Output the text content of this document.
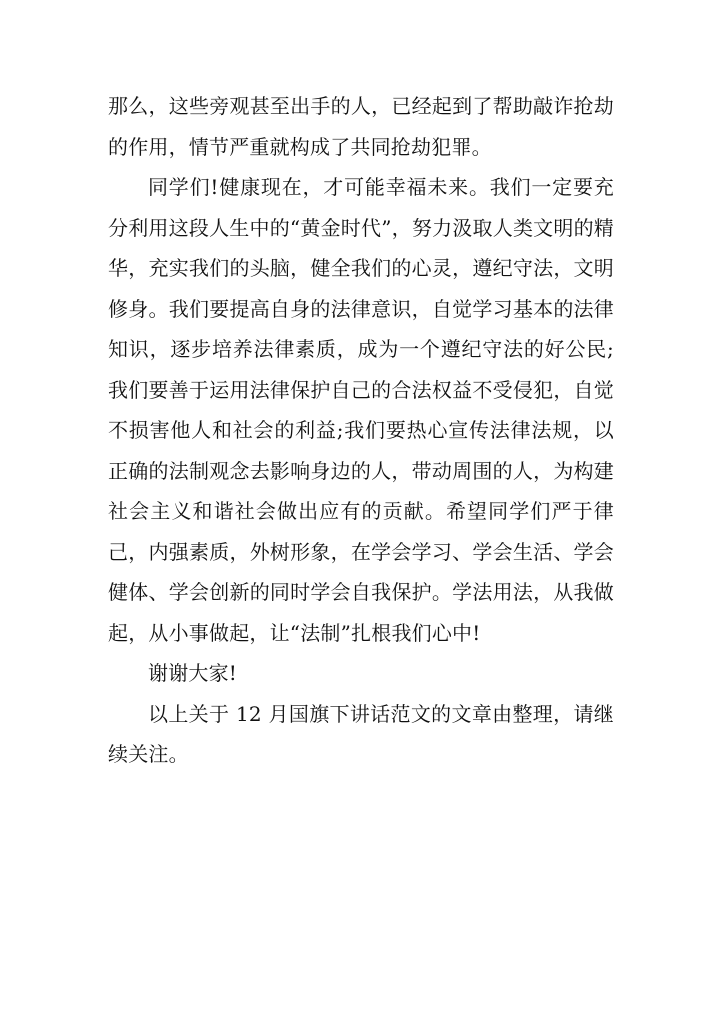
那么，这些旁观甚至出手的人，已经起到了帮助敲诈抢劫的作用，情节严重就构成了共同抢劫犯罪。

同学们!健康现在，才可能幸福未来。我们一定要充分利用这段人生中的“黄金时代”，努力汲取人类文明的精华，充实我们的头脑，健全我们的心灵，遵纪守法，文明修身。我们要提高自身的法律意识，自觉学习基本的法律知识，逐步培养法律素质，成为一个遵纪守法的好公民;我们要善于运用法律保护自己的合法权益不受侵犯，自觉不损害他人和社会的利益;我们要热心宣传法律法规，以正确的法制观念去影响身边的人，带动周围的人，为构建社会主义和谐社会做出应有的贡献。希望同学们严于律己，内强素质，外树形象，在学会学习、学会生活、学会健体、学会创新的同时学会自我保护。学法用法，从我做起，从小事做起，让“法制”扎根我们心中!

谢谢大家!

以上关于 12 月国旗下讲话范文的文章由整理，请继续关注。
